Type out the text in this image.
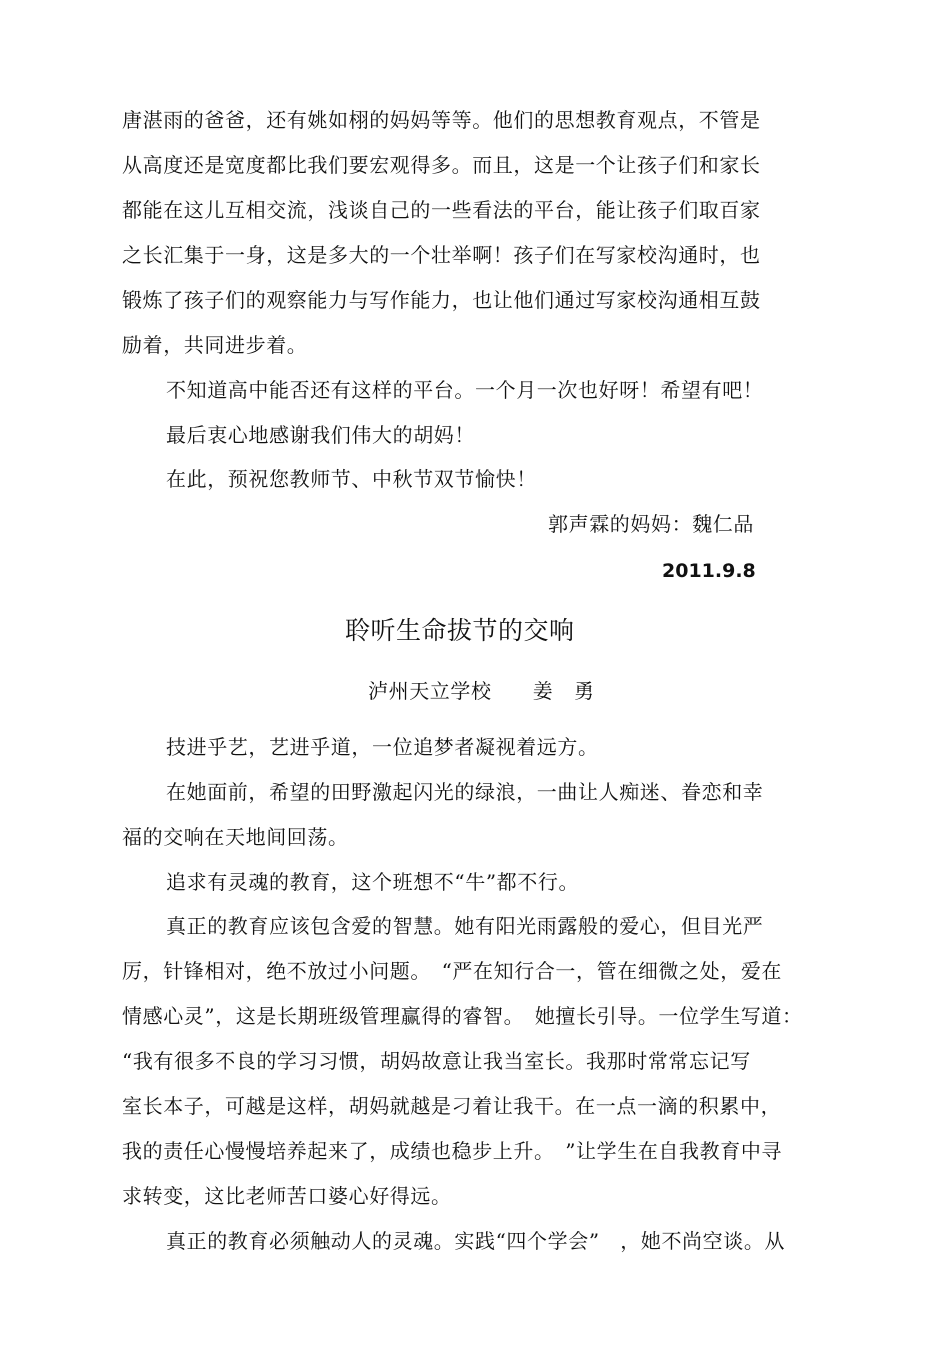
唐湛雨的爸爸，还有姚如栩的妈妈等等。他们的思想教育观点，不管是
从高度还是宽度都比我们要宏观得多。而且，这是一个让孩子们和家长
都能在这儿互相交流，浅谈自己的一些看法的平台，能让孩子们取百家
之长汇集于一身，这是多大的一个壮举啊！孩子们在写家校沟通时，也
锻炼了孩子们的观察能力与写作能力，也让他们通过写家校沟通相互鼓
励着，共同进步着。
不知道高中能否还有这样的平台。一个月一次也好呀！希望有吧！
最后衷心地感谢我们伟大的胡妈！
在此，预祝您教师节、中秋节双节愉快！
郭声霖的妈妈：魏仁品
2011.9.8
聆听生命拔节的交响
泸州天立学校　　姜　勇
技进乎艺，艺进乎道，一位追梦者凝视着远方。
在她面前，希望的田野激起闪光的绿浪，一曲让人痴迷、眷恋和幸
福的交响在天地间回荡。
追求有灵魂的教育，这个班想不“牛”都不行。
真正的教育应该包含爱的智慧。她有阳光雨露般的爱心，但目光严
厉，针锋相对，绝不放过小问题。　“严在知行合一，管在细微之处，爱在
情感心灵”，这是长期班级管理赢得的睿智。　她擅长引导。一位学生写道：
“我有很多不良的学习习惯，胡妈故意让我当室长。我那时常常忘记写
室长本子，可越是这样，胡妈就越是刁着让我干。在一点一滴的积累中，
我的责任心慢慢培养起来了，成绩也稳步上升。　”让学生在自我教育中寻
求转变，这比老师苦口婆心好得远。
真正的教育必须触动人的灵魂。实践“四个学会”　，她不尚空谈。从
